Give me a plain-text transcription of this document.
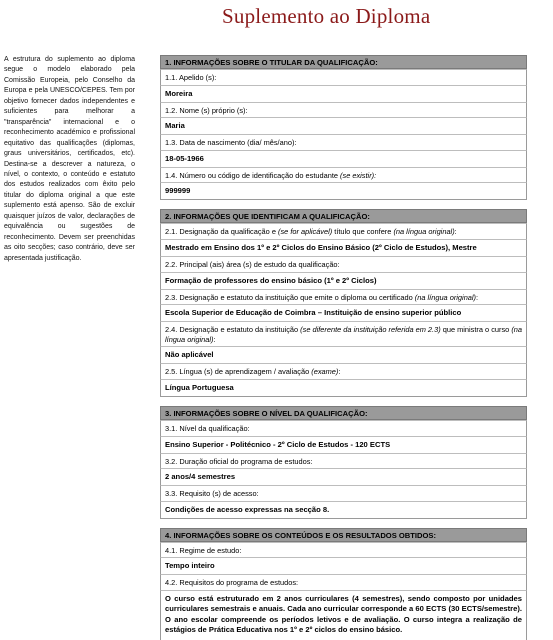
Suplemento ao Diploma
A estrutura do suplemento ao diploma segue o modelo elaborado pela Comissão Europeia, pelo Conselho da Europa e pela UNESCO/CEPES. Tem por objetivo fornecer dados independentes e suficientes para melhorar a "transparência" internacional e o reconhecimento académico e profissional equitativo das qualificações (diplomas, graus universitários, certificados, etc). Destina-se a descrever a natureza, o nível, o contexto, o conteúdo e estatuto dos estudos realizados com êxito pelo titular do diploma original a que este suplemento está apenso. São de excluir quaisquer juízos de valor, declarações de equivalência ou sugestões de reconhecimento. Devem ser preenchidas as oito secções; caso contrário, deve ser apresentada justificação.
1. INFORMAÇÕES SOBRE O TITULAR DA QUALIFICAÇÃO:
1.1. Apelido (s):
Moreira
1.2. Nome (s) próprio (s):
Maria
1.3. Data de nascimento (dia/ mês/ano):
18-05-1966
1.4. Número ou código de identificação do estudante (se existir):
999999
2. INFORMAÇÕES QUE IDENTIFICAM A QUALIFICAÇÃO:
2.1. Designação da qualificação e (se for aplicável) título que confere (na língua original):
Mestrado em Ensino dos 1º e 2º Ciclos do Ensino Básico (2º Ciclo de Estudos), Mestre
2.2. Principal (ais) área (s) de estudo da qualificação:
Formação de professores do ensino básico (1º e 2º Ciclos)
2.3. Designação e estatuto da instituição que emite o diploma ou certificado (na língua original):
Escola Superior de Educação de Coimbra – Instituição de ensino superior público
2.4. Designação e estatuto da instituição (se diferente da instituição referida em 2.3) que ministra o curso (na língua original):
Não aplicável
2.5. Língua (s) de aprendizagem / avaliação (exame):
Língua Portuguesa
3. INFORMAÇÕES SOBRE O NÍVEL DA QUALIFICAÇÃO:
3.1. Nível da qualificação:
Ensino Superior - Politécnico - 2º Ciclo de Estudos - 120 ECTS
3.2. Duração oficial do programa de estudos:
2 anos/4 semestres
3.3. Requisito (s) de acesso:
Condições de acesso expressas na secção 8.
4. INFORMAÇÕES SOBRE OS CONTEÚDOS E OS RESULTADOS OBTIDOS:
4.1. Regime de estudo:
Tempo inteiro
4.2. Requisitos do programa de estudos:
O curso está estruturado em 2 anos curriculares (4 semestres), sendo composto por unidades curriculares semestrais e anuais. Cada ano curricular corresponde a 60 ECTS (30 ECTS/semestre). O ano escolar compreende os períodos letivos e de avaliação. O curso integra a realização de estágios de Prática Educativa nos 1º e 2º ciclos do ensino básico.
